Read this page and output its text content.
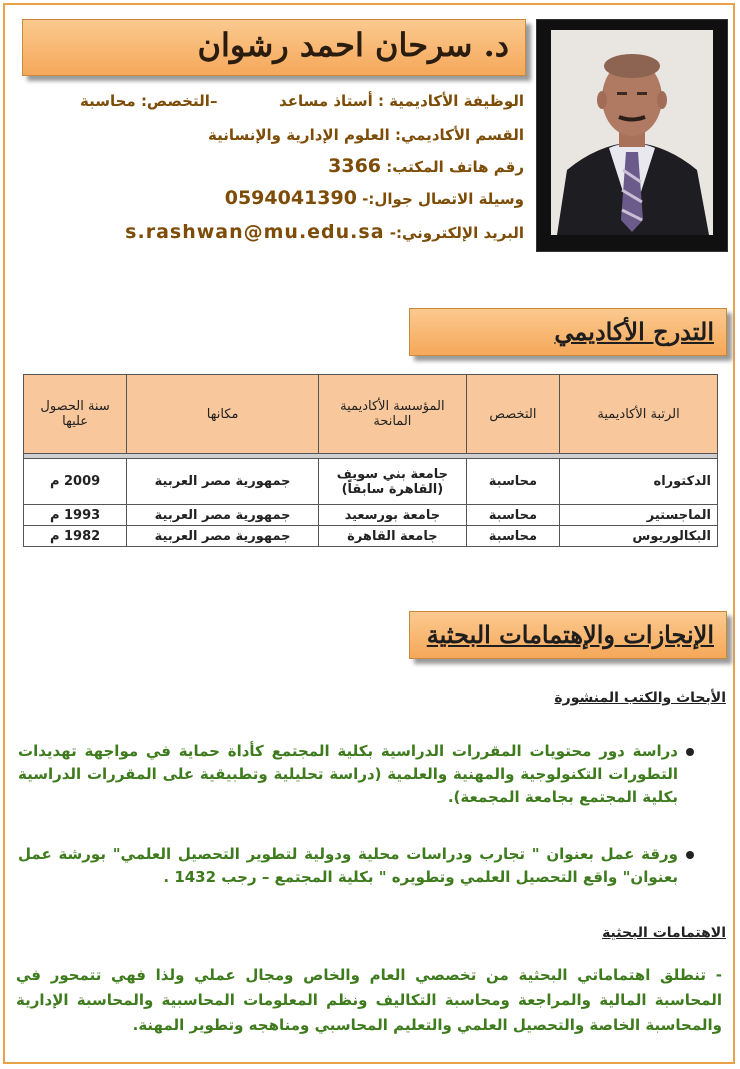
د. سرحان احمد رشوان
الوظيفة الأكاديمية : أستاذ مساعد
–
التخصص: محاسبة
القسم الأكاديمي: العلوم الإدارية والإنسانية
رقم هاتف المكتب: 3366
وسيلة الاتصال جوال:- 0594041390
البريد الإلكتروني:- s.rashwan@mu.edu.sa
التدرج الأكاديمي
الرتبة الأكاديمية	التخصص	المؤسسة الأكاديمية المانحة	مكانها	سنة الحصول عليها

الدكتوراه	محاسبة	جامعة بني سويف (القاهرة سابقاً)	جمهورية مصر العربية	2009 م
الماجستير	محاسبة	جامعة بورسعيد	جمهورية مصر العربية	1993 م
البكالوريوس	محاسبة	جامعة القاهرة	جمهورية مصر العربية	1982 م
الإنجازات والإهتمامات البحثية
الأبحاث والكتب المنشورة
دراسة دور محتويات المقررات الدراسية بكلية المجتمع كأداة حماية في مواجهة تهديدات التطورات التكنولوجية والمهنية والعلمية (دراسة تحليلية وتطبيقية على المقررات الدراسية بكلية المجتمع بجامعة المجمعة).
ورقة عمل بعنوان " تجارب ودراسات محلية ودولية لتطوير التحصيل العلمي" بورشة عمل بعنوان" واقع التحصيل العلمي وتطويره " بكلية المجتمع – رجب 1432 .
الاهتمامات البحثية
- تنطلق اهتماماتي البحثية من تخصصي العام والخاص ومجال عملي ولذا فهي تتمحور في المحاسبة المالية والمراجعة ومحاسبة التكاليف ونظم المعلومات المحاسبية والمحاسبة الإدارية والمحاسبة الخاصة والتحصيل العلمي والتعليم المحاسبي ومناهجه وتطوير المهنة.
